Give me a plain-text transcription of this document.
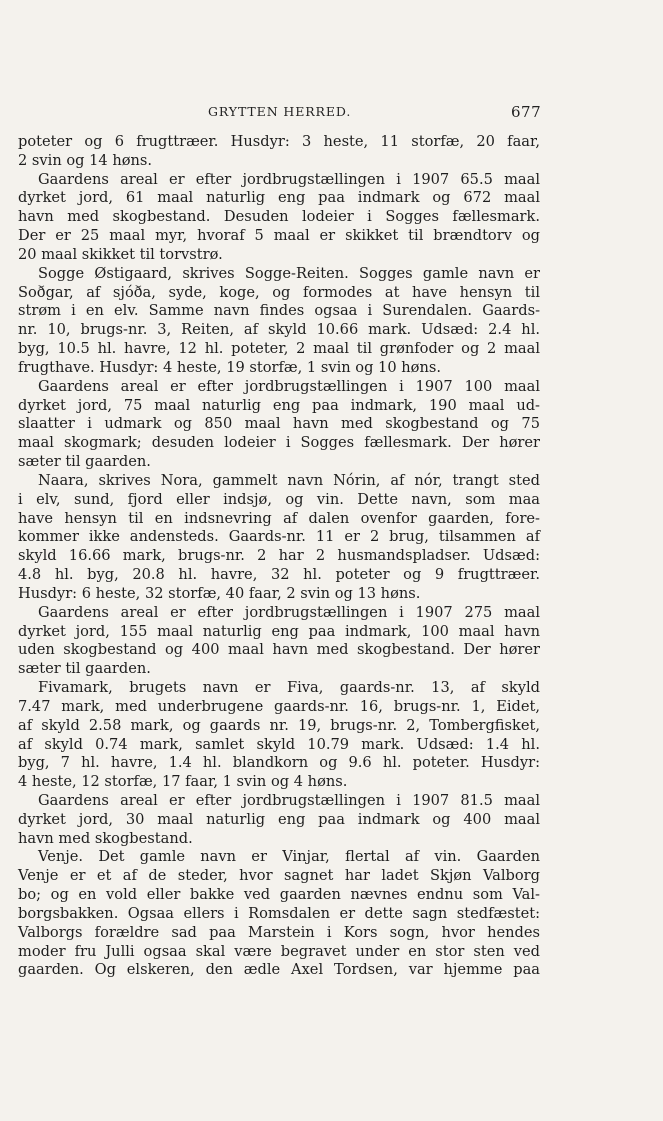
GRYTTEN HERRED.	677
poteter og 6 frugttræer. Husdyr: 3 heste, 11 storfæ, 20 faar,
2 svin og 14 høns.
Gaardens areal er efter jordbrugstællingen i 1907 65.5 maal
dyrket jord, 61 maal naturlig eng paa indmark og 672 maal
havn med skogbestand. Desuden lodeier i Sogges fællesmark.
Der er 25 maal myr, hvoraf 5 maal er skikket til brændtorv og
20 maal skikket til torvstrø.
Sogge Østigaard, skrives Sogge-Reiten. Sogges gamle navn er
Soðgar, af sjóða, syde, koge, og formodes at have hensyn til
strøm i en elv. Samme navn findes ogsaa i Surendalen. Gaards-
nr. 10, brugs-nr. 3, Reiten, af skyld 10.66 mark. Udsæd: 2.4 hl.
byg, 10.5 hl. havre, 12 hl. poteter, 2 maal til grønfoder og 2 maal
frugthave. Husdyr: 4 heste, 19 storfæ, 1 svin og 10 høns.
Gaardens areal er efter jordbrugstællingen i 1907 100 maal
dyrket jord, 75 maal naturlig eng paa indmark, 190 maal ud-
slaatter i udmark og 850 maal havn med skogbestand og 75
maal skogmark; desuden lodeier i Sogges fællesmark. Der hører
sæter til gaarden.
Naara, skrives Nora, gammelt navn Nórin, af nór, trangt sted
i elv, sund, fjord eller indsjø, og vin. Dette navn, som maa
have hensyn til en indsnevring af dalen ovenfor gaarden, fore-
kommer ikke andensteds. Gaards-nr. 11 er 2 brug, tilsammen af
skyld 16.66 mark, brugs-nr. 2 har 2 husmandspladser. Udsæd:
4.8 hl. byg, 20.8 hl. havre, 32 hl. poteter og 9 frugttræer.
Husdyr: 6 heste, 32 storfæ, 40 faar, 2 svin og 13 høns.
Gaardens areal er efter jordbrugstællingen i 1907 275 maal
dyrket jord, 155 maal naturlig eng paa indmark, 100 maal havn
uden skogbestand og 400 maal havn med skogbestand. Der hører
sæter til gaarden.
Fivamark, brugets navn er Fiva, gaards-nr. 13, af skyld
7.47 mark, med underbrugene gaards-nr. 16, brugs-nr. 1, Eidet,
af skyld 2.58 mark, og gaards nr. 19, brugs-nr. 2, Tombergfisket,
af skyld 0.74 mark, samlet skyld 10.79 mark. Udsæd: 1.4 hl.
byg, 7 hl. havre, 1.4 hl. blandkorn og 9.6 hl. poteter. Husdyr:
4 heste, 12 storfæ, 17 faar, 1 svin og 4 høns.
Gaardens areal er efter jordbrugstællingen i 1907 81.5 maal
dyrket jord, 30 maal naturlig eng paa indmark og 400 maal
havn med skogbestand.
Venje. Det gamle navn er Vinjar, flertal af vin. Gaarden
Venje er et af de steder, hvor sagnet har ladet Skjøn Valborg
bo; og en vold eller bakke ved gaarden nævnes endnu som Val-
borgsbakken. Ogsaa ellers i Romsdalen er dette sagn stedfæstet:
Valborgs forældre sad paa Marstein i Kors sogn, hvor hendes
moder fru Julli ogsaa skal være begravet under en stor sten ved
gaarden. Og elskeren, den ædle Axel Tordsen, var hjemme paa
